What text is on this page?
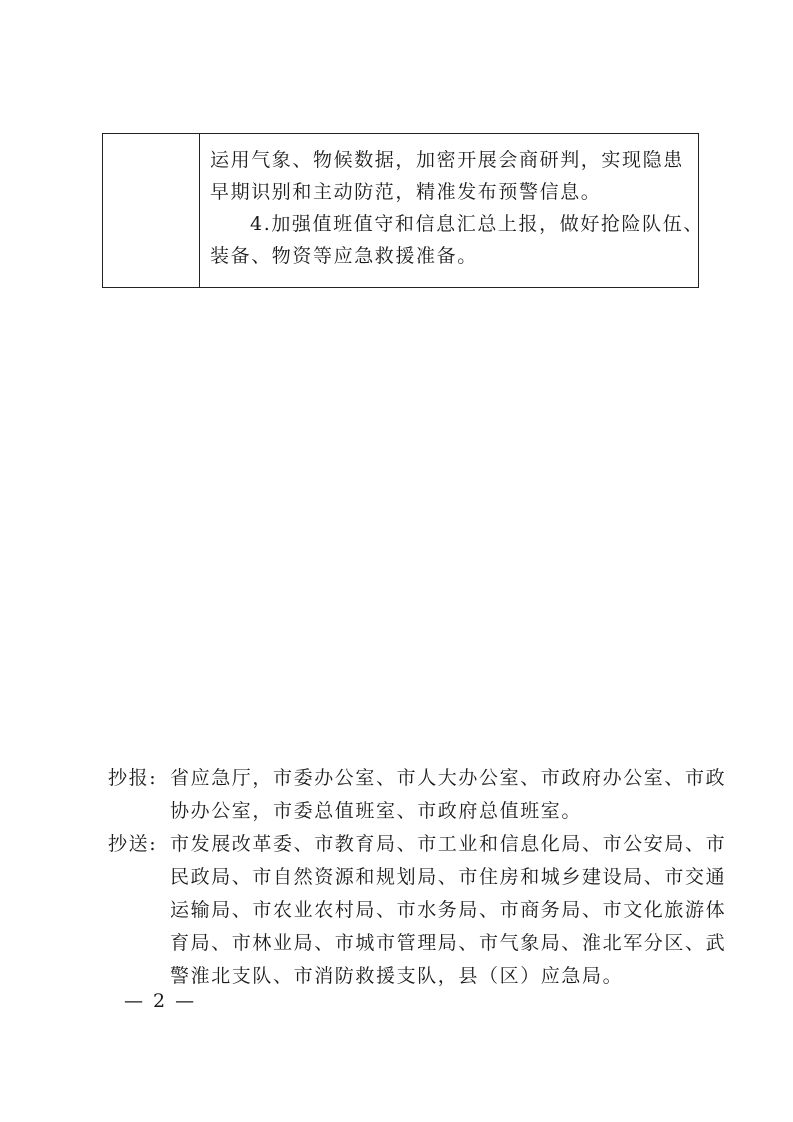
运用气象、物候数据，加密开展会商研判，实现隐患
早期识别和主动防范，精准发布预警信息。
4.加强值班值守和信息汇总上报，做好抢险队伍、
装备、物资等应急救援准备。
抄报: 省应急厅，市委办公室、市人大办公室、市政府办公室、市政
协办公室，市委总值班室、市政府总值班室。
抄送: 市发展改革委、市教育局、市工业和信息化局、市公安局、市
民政局、市自然资源和规划局、市住房和城乡建设局、市交通
运输局、市农业农村局、市水务局、市商务局、市文化旅游体
育局、市林业局、市城市管理局、市气象局、淮北军分区、武
警淮北支队、市消防救援支队，县（区）应急局。
— 2 —
